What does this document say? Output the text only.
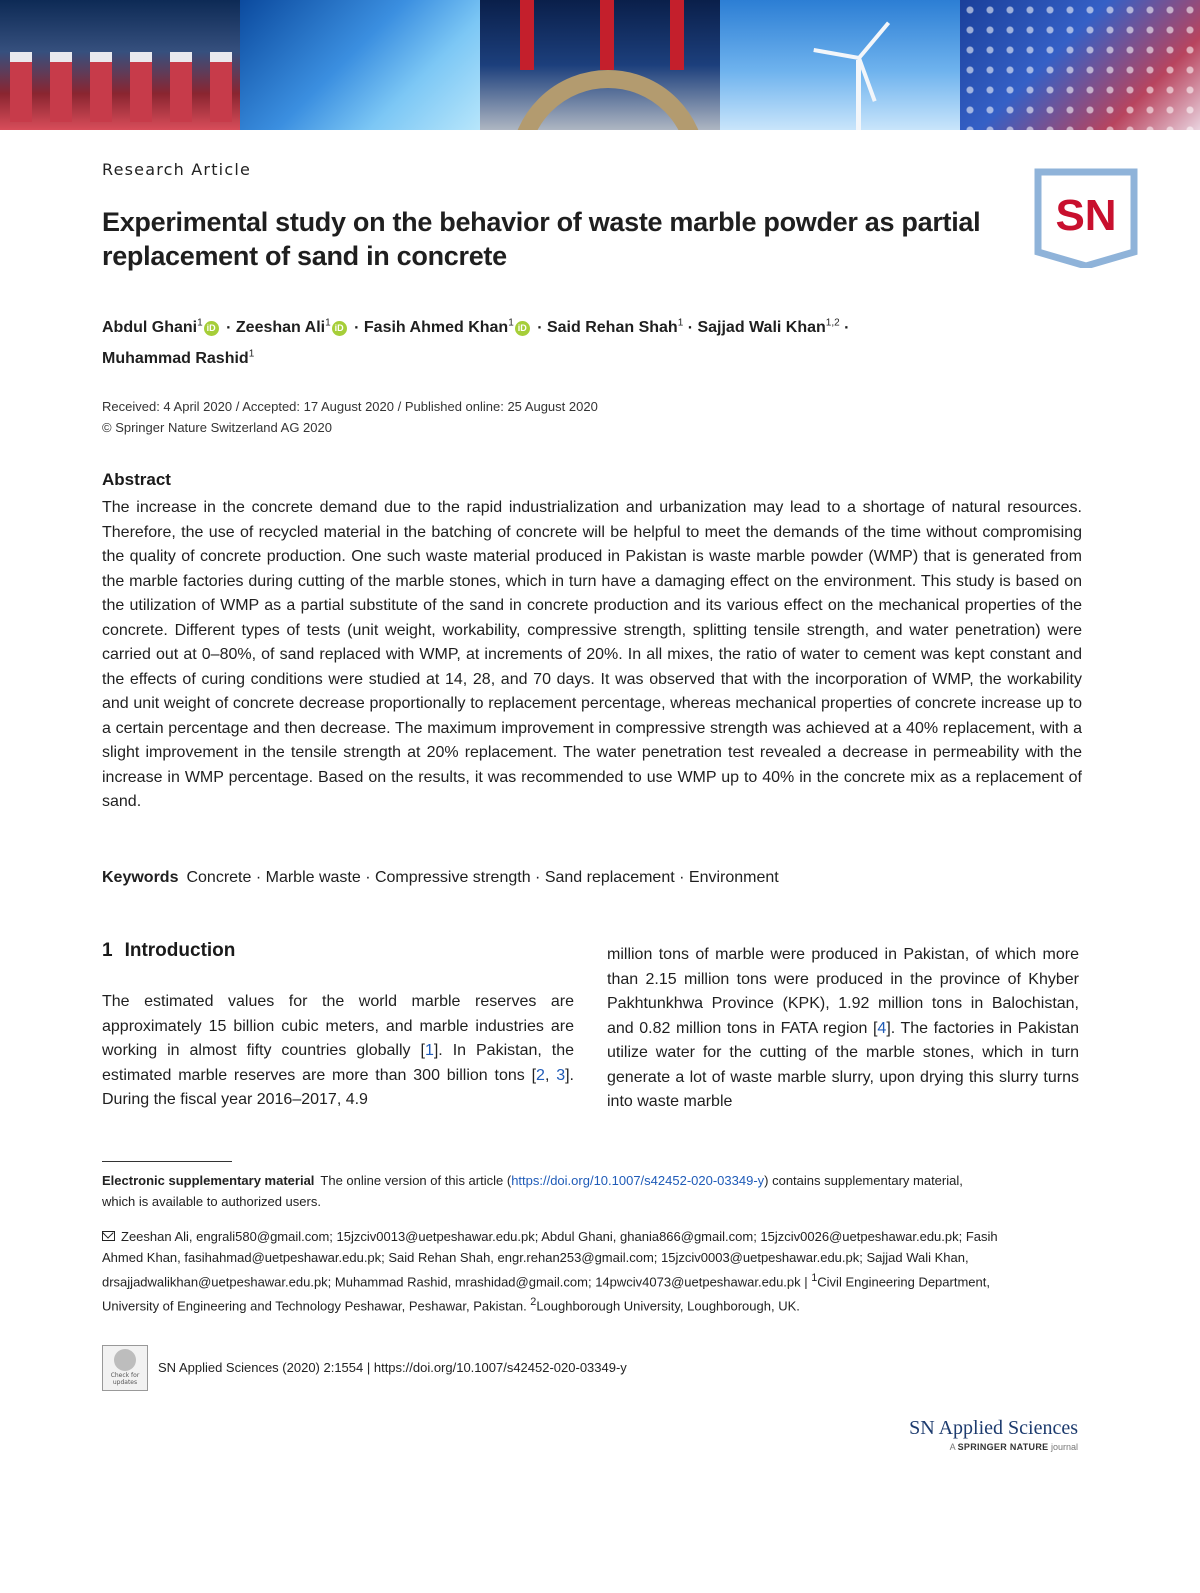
Research Article
Experimental study on the behavior of waste marble powder as partial replacement of sand in concrete
SN
Abdul Ghani$^1$ iD · Zeeshan Ali$^1$ iD · Fasih Ahmed Khan$^1$ iD · Said Rehan Shah$^1$ · Sajjad Wali Khan$^{1,2}$ ·
Muhammad Rashid$^1$
Received: 4 April 2020 / Accepted: 17 August 2020 / Published online: 25 August 2020
© Springer Nature Switzerland AG 2020
Abstract
The increase in the concrete demand due to the rapid industrialization and urbanization may lead to a shortage of natural resources. Therefore, the use of recycled material in the batching of concrete will be helpful to meet the demands of the time without compromising the quality of concrete production. One such waste material produced in Pakistan is waste marble powder (WMP) that is generated from the marble factories during cutting of the marble stones, which in turn have a damaging effect on the environment. This study is based on the utilization of WMP as a partial substitute of the sand in concrete production and its various effect on the mechanical properties of the concrete. Different types of tests (unit weight, workability, compressive strength, splitting tensile strength, and water penetration) were carried out at 0–80%, of sand replaced with WMP, at increments of 20%. In all mixes, the ratio of water to cement was kept constant and the effects of curing conditions were studied at 14, 28, and 70 days. It was observed that with the incorporation of WMP, the workability and unit weight of concrete decrease proportionally to replacement percentage, whereas mechanical properties of concrete increase up to a certain percentage and then decrease. The maximum improvement in compressive strength was achieved at a 40% replacement, with a slight improvement in the tensile strength at 20% replacement. The water penetration test revealed a decrease in permeability with the increase in WMP percentage. Based on the results, it was recommended to use WMP up to 40% in the concrete mix as a replacement of sand.
Keywords Concrete · Marble waste · Compressive strength · Sand replacement · Environment
1 Introduction
The estimated values for the world marble reserves are approximately 15 billion cubic meters, and marble industries are working in almost fifty countries globally [1]. In Pakistan, the estimated marble reserves are more than 300 billion tons [2, 3]. During the fiscal year 2016–2017, 4.9
million tons of marble were produced in Pakistan, of which more than 2.15 million tons were produced in the province of Khyber Pakhtunkhwa Province (KPK), 1.92 million tons in Balochistan, and 0.82 million tons in FATA region [4]. The factories in Pakistan utilize water for the cutting of the marble stones, which in turn generate a lot of waste marble slurry, upon drying this slurry turns into waste marble
Electronic supplementary material The online version of this article (https://doi.org/10.1007/s42452-020-03349-y) contains supplementary material, which is available to authorized users.
Zeeshan Ali, engrali580@gmail.com; 15jzciv0013@uetpeshawar.edu.pk; Abdul Ghani, ghania866@gmail.com; 15jzciv0026@uetpeshawar.edu.pk; Fasih Ahmed Khan, fasihahmad@uetpeshawar.edu.pk; Said Rehan Shah, engr.rehan253@gmail.com; 15jzciv0003@uetpeshawar.edu.pk; Sajjad Wali Khan, drsajjadwalikhan@uetpeshawar.edu.pk; Muhammad Rashid, mrashidad@gmail.com; 14pwciv4073@uetpeshawar.edu.pk | $^1$Civil Engineering Department, University of Engineering and Technology Peshawar, Peshawar, Pakistan. $^2$Loughborough University, Loughborough, UK.
Check for updates
SN Applied Sciences (2020) 2:1554 | https://doi.org/10.1007/s42452-020-03349-y
SN Applied Sciences
A SPRINGER NATURE journal
